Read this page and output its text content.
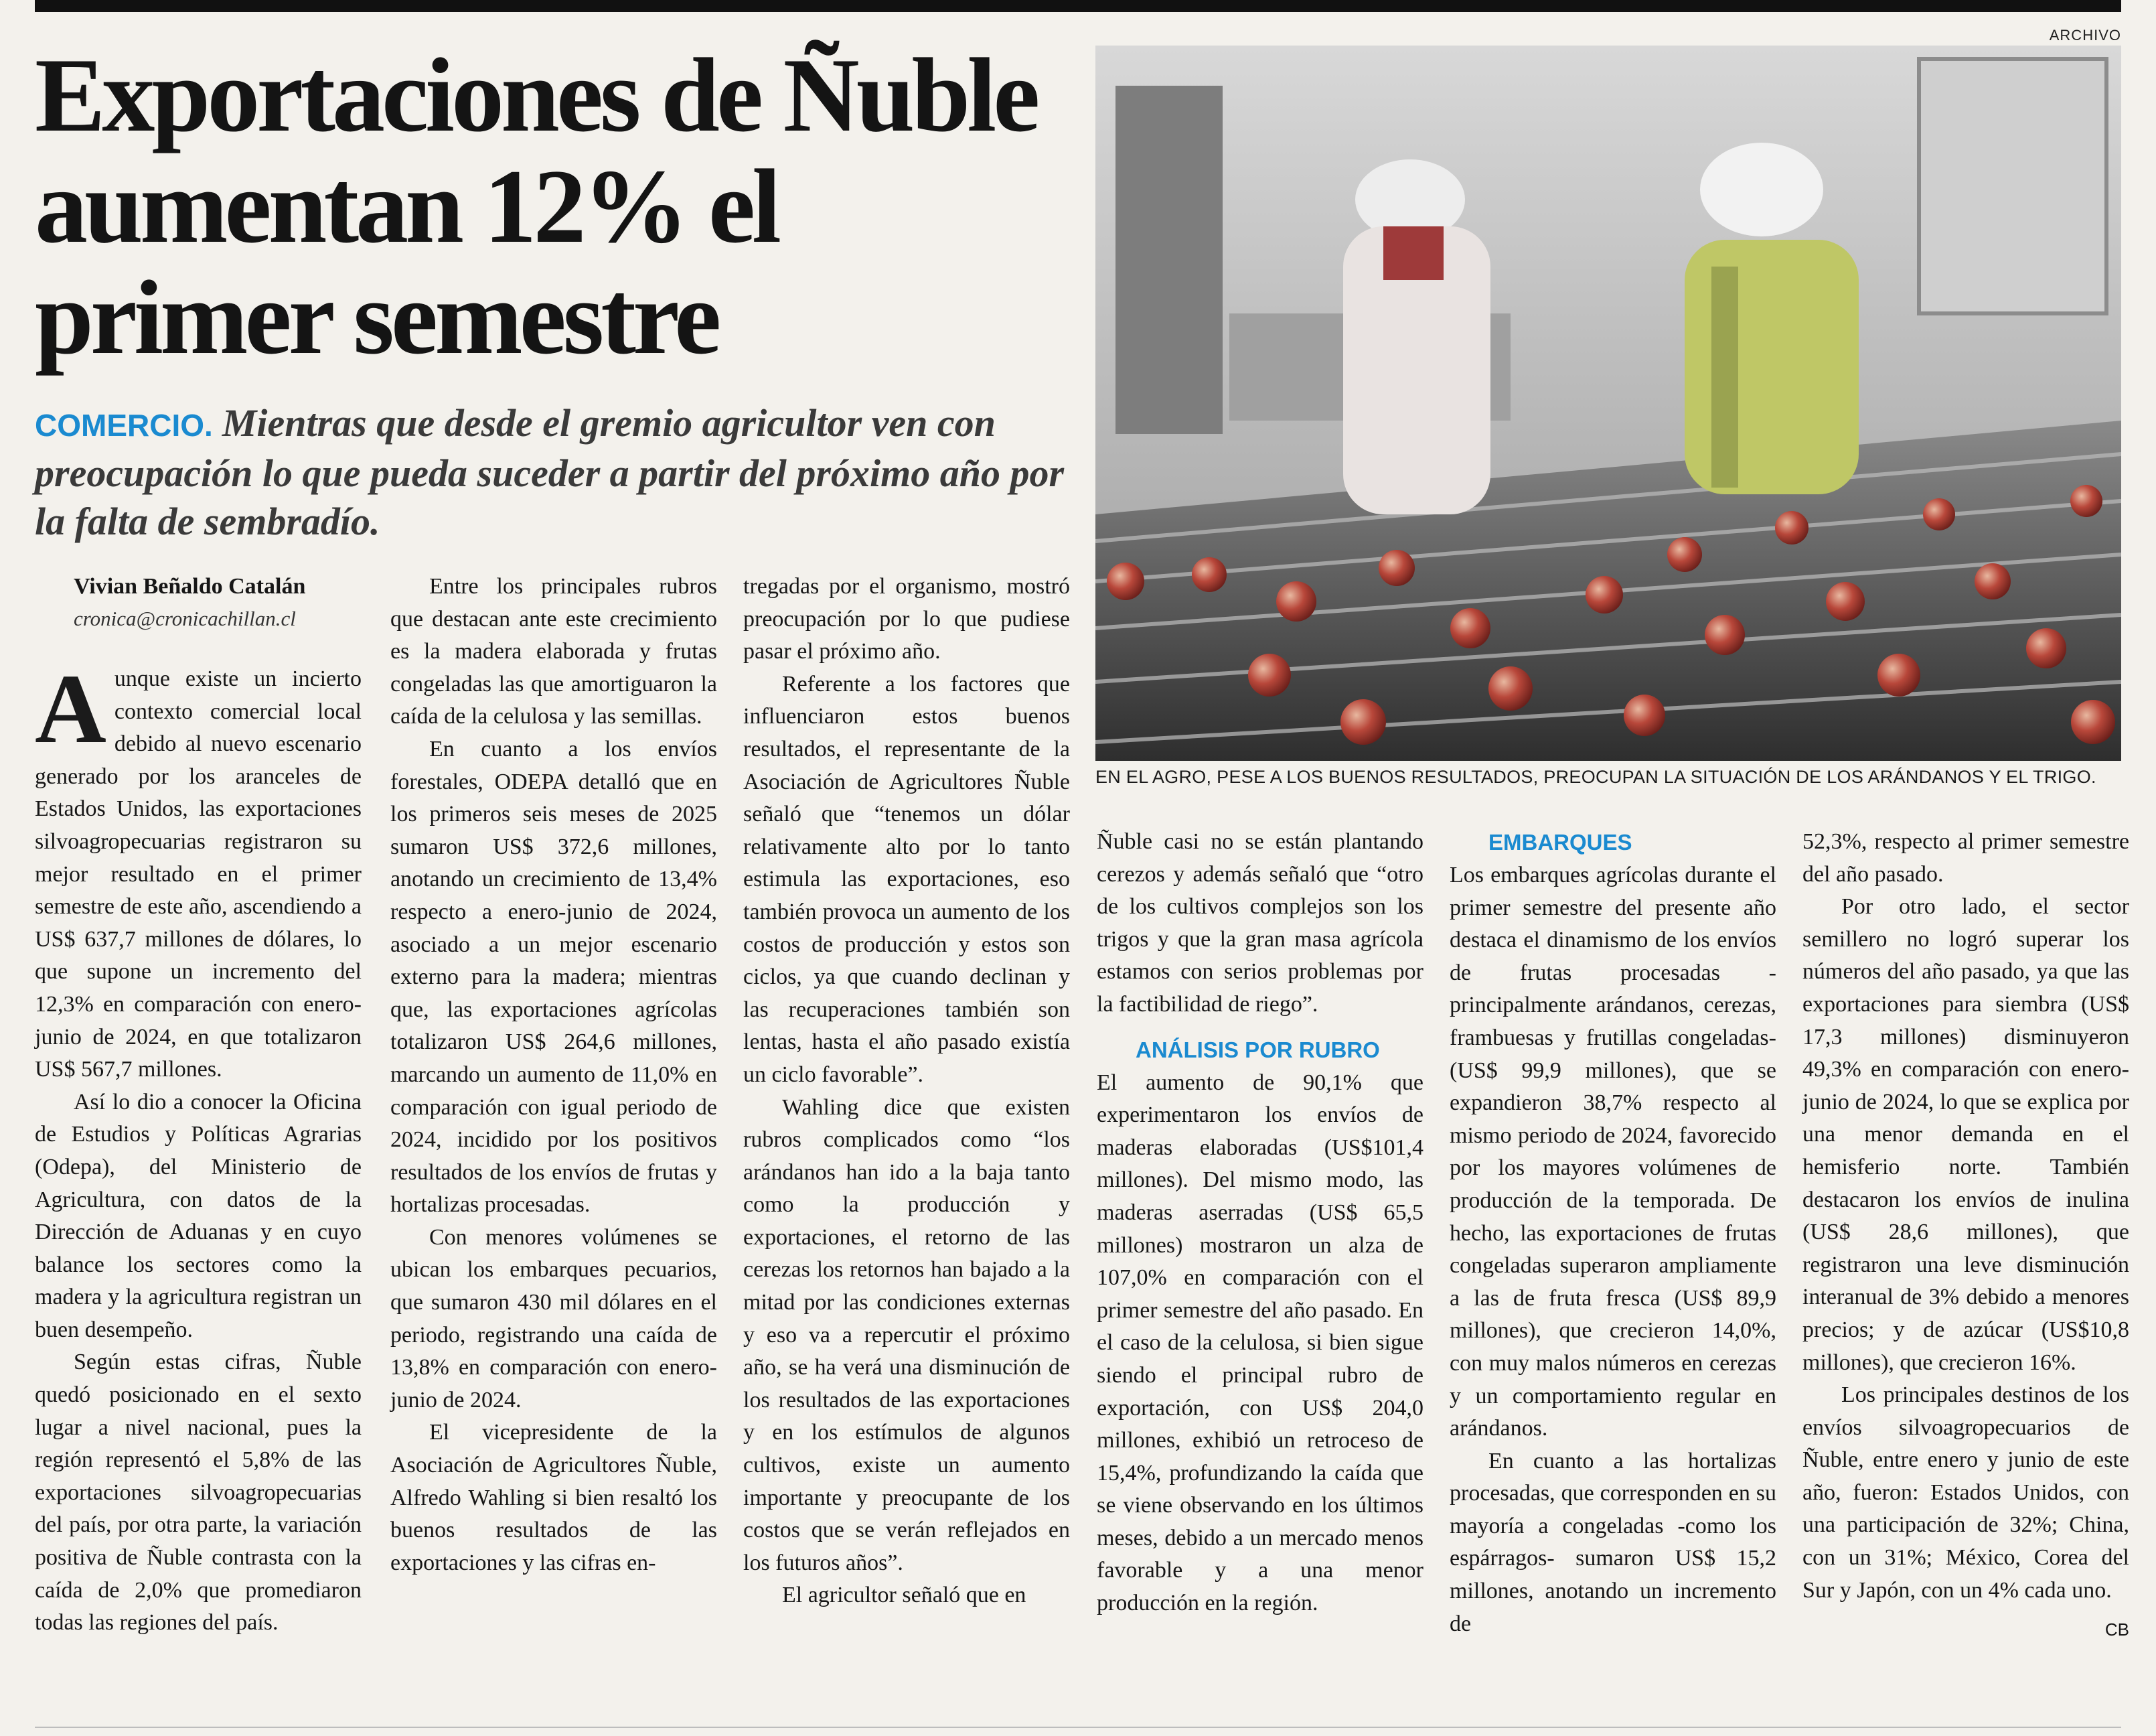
ARCHIVO
Exportaciones de Ñuble aumentan 12% el primer semestre

COMERCIO. Mientras que desde el gremio agricultor ven con preocupación lo que pueda suceder a partir del próximo año por la falta de sembradío.

EN EL AGRO, PESE A LOS BUENOS RESULTADOS, PREOCUPAN LA SITUACIÓN DE LOS ARÁNDANOS Y EL TRIGO.

Vivian Beñaldo Catalán

cronica@cronicachillan.cl

Aunque existe un incierto contexto comercial local debido al nuevo escenario generado por los aranceles de Estados Unidos, las exportaciones silvoagropecuarias registraron su mejor resultado en el primer semestre de este año, ascendiendo a US$ 637,7 millones de dólares, lo que supone un incremento del 12,3% en comparación con enero-junio de 2024, en que totalizaron US$ 567,7 millones.

Así lo dio a conocer la Oficina de Estudios y Políticas Agrarias (Odepa), del Ministerio de Agricultura, con datos de la Dirección de Aduanas y en cuyo balance los sectores como la madera y la agricultura registran un buen desempeño.

Según estas cifras, Ñuble quedó posicionado en el sexto lugar a nivel nacional, pues la región representó el 5,8% de las exportaciones silvoagropecuarias del país, por otra parte, la variación positiva de Ñuble contrasta con la caída de 2,0% que promediaron todas las regiones del país.

Entre los principales rubros que destacan ante este crecimiento es la madera elaborada y frutas congeladas las que amortiguaron la caída de la celulosa y las semillas.

En cuanto a los envíos forestales, ODEPA detalló que en los primeros seis meses de 2025 sumaron US$ 372,6 millones, anotando un crecimiento de 13,4% respecto a enero-junio de 2024, asociado a un mejor escenario externo para la madera; mientras que, las exportaciones agrícolas totalizaron US$ 264,6 millones, marcando un aumento de 11,0% en comparación con igual periodo de 2024, incidido por los positivos resultados de los envíos de frutas y hortalizas procesadas.

Con menores volúmenes se ubican los embarques pecuarios, que sumaron 430 mil dólares en el periodo, registrando una caída de 13,8% en comparación con enero-junio de 2024.

El vicepresidente de la Asociación de Agricultores Ñuble, Alfredo Wahling si bien resaltó los buenos resultados de las exportaciones y las cifras en-

tregadas por el organismo, mostró preocupación por lo que pudiese pasar el próximo año.

Referente a los factores que influenciaron estos buenos resultados, el representante de la Asociación de Agricultores Ñuble señaló que “tenemos un dólar relativamente alto por lo tanto estimula las exportaciones, eso también provoca un aumento de los costos de producción y estos son ciclos, ya que cuando declinan y las recuperaciones también son lentas, hasta el año pasado existía un ciclo favorable”.

Wahling dice que existen rubros complicados como “los arándanos han ido a la baja tanto como la producción y exportaciones, el retorno de las cerezas los retornos han bajado a la mitad por las condiciones externas y eso va a repercutir el próximo año, se ha verá una disminución de los resultados de las exportaciones y en los estímulos de algunos cultivos, existe un aumento importante y preocupante de los costos que se verán reflejados en los futuros años”.

El agricultor señaló que en

Ñuble casi no se están plantando cerezos y además señaló que “otro de los cultivos complejos son los trigos y que la gran masa agrícola estamos con serios problemas por la factibilidad de riego”.

ANÁLISIS POR RUBRO

El aumento de 90,1% que experimentaron los envíos de maderas elaboradas (US$101,4 millones). Del mismo modo, las maderas aserradas (US$ 65,5 millones) mostraron un alza de 107,0% en comparación con el primer semestre del año pasado. En el caso de la celulosa, si bien sigue siendo el principal rubro de exportación, con US$ 204,0 millones, exhibió un retroceso de 15,4%, profundizando la caída que se viene observando en los últimos meses, debido a un mercado menos favorable y a una menor producción en la región.

EMBARQUES

Los embarques agrícolas durante el primer semestre del presente año destaca el dinamismo de los envíos de frutas procesadas - principalmente arándanos, cerezas, frambuesas y frutillas congeladas- (US$ 99,9 millones), que se expandieron 38,7% respecto al mismo periodo de 2024, favorecido por los mayores volúmenes de producción de la temporada. De hecho, las exportaciones de frutas congeladas superaron ampliamente a las de fruta fresca (US$ 89,9 millones), que crecieron 14,0%, con muy malos números en cerezas y un comportamiento regular en arándanos.

En cuanto a las hortalizas procesadas, que corresponden en su mayoría a congeladas -como los espárragos- sumaron US$ 15,2 millones, anotando un incremento de

52,3%, respecto al primer semestre del año pasado.

Por otro lado, el sector semillero no logró superar los números del año pasado, ya que las exportaciones para siembra (US$ 17,3 millones) disminuyeron 49,3% en comparación con enero-junio de 2024, lo que se explica por una menor demanda en el hemisferio norte. También destacaron los envíos de inulina (US$ 28,6 millones), que registraron una leve disminución interanual de 3% debido a menores precios; y de azúcar (US$10,8 millones), que crecieron 16%.

Los principales destinos de los envíos silvoagropecuarios de Ñuble, entre enero y junio de este año, fueron: Estados Unidos, con una participación de 32%; China, con un 31%; México, Corea del Sur y Japón, con un 4% cada uno.
CB
